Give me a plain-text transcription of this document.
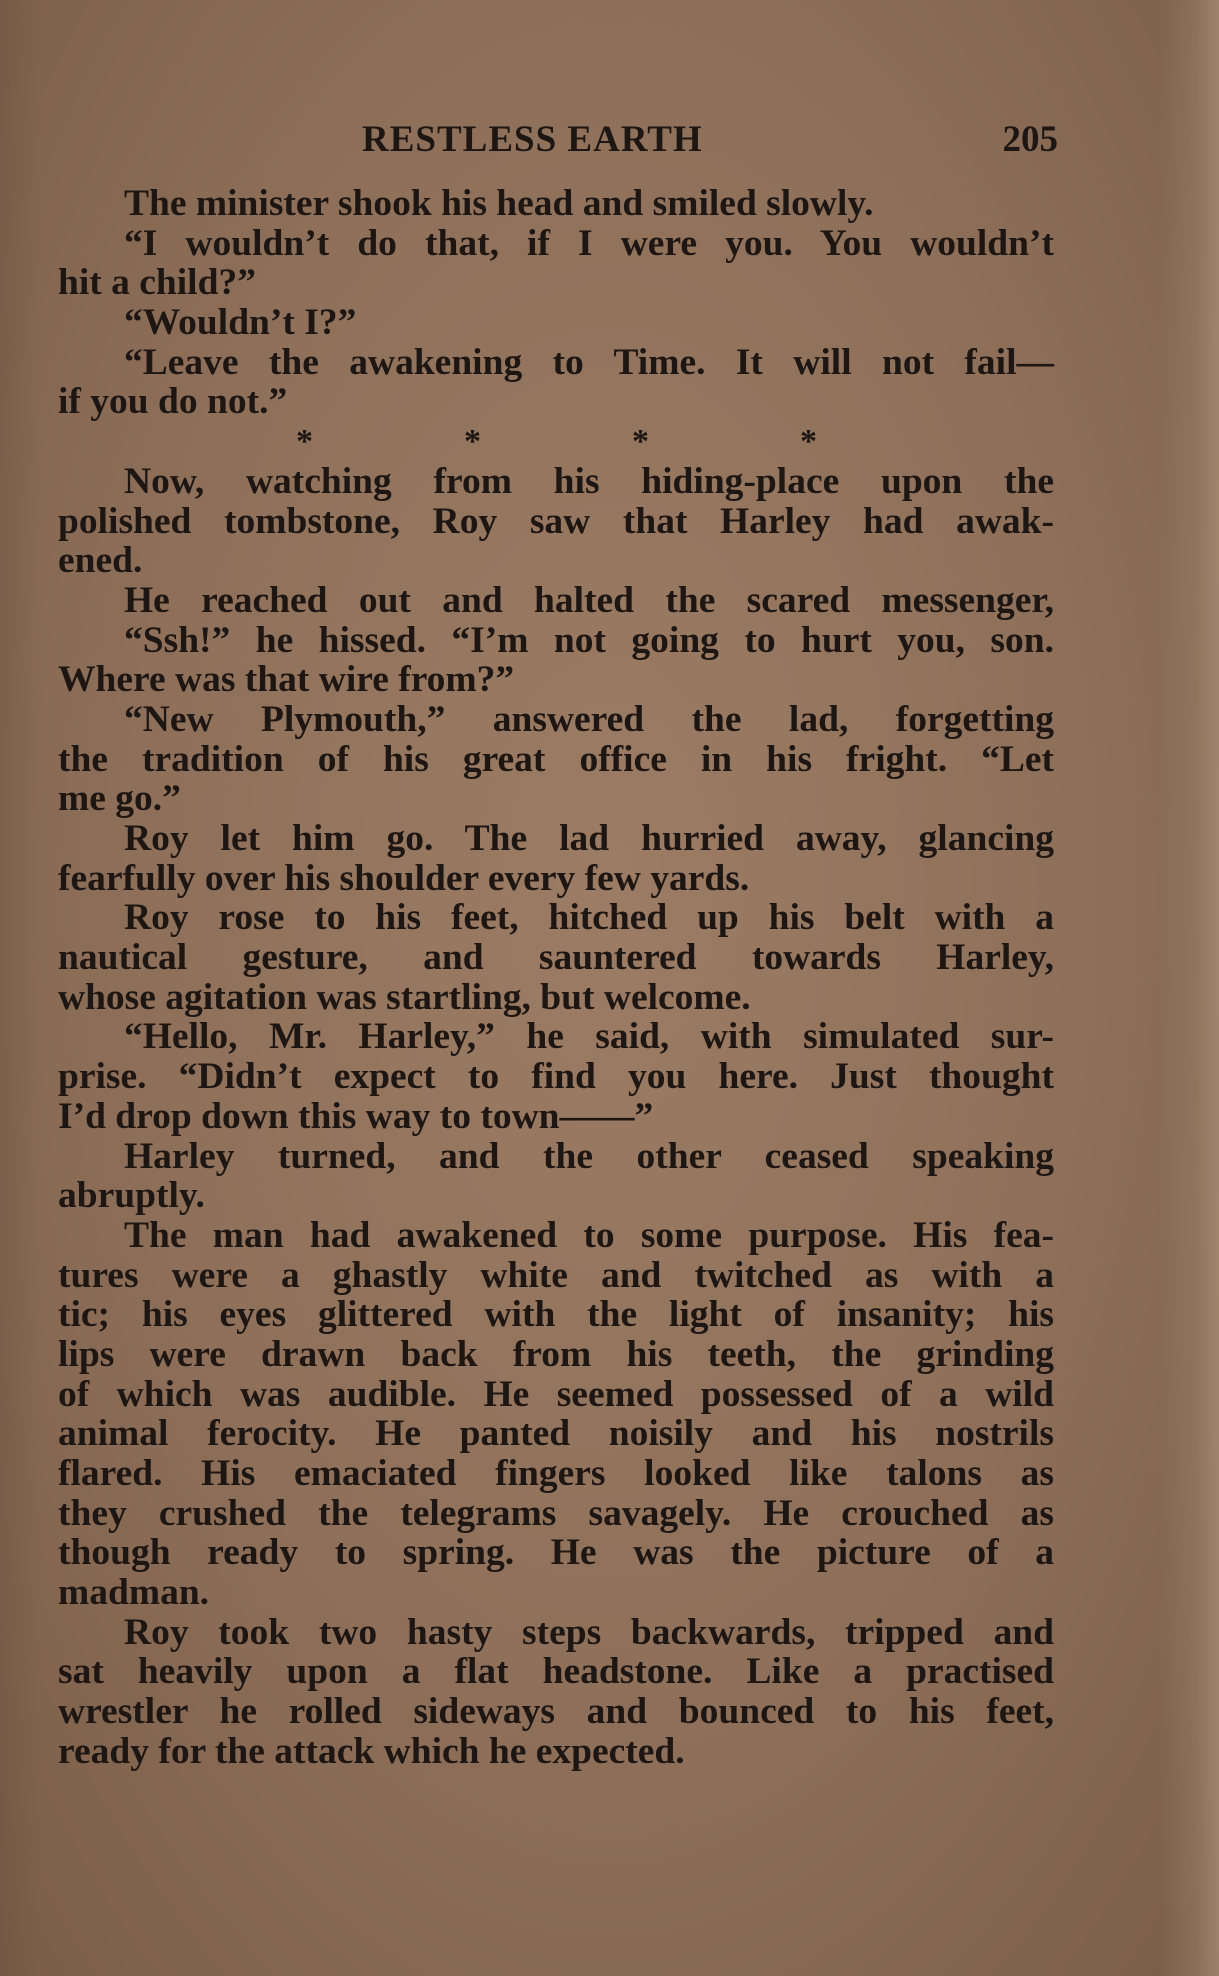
RESTLESS EARTH	205
The minister shook his head and smiled slowly.
“I wouldn’t do that, if I were you. You wouldn’t
hit a child?”
“Wouldn’t I?”
“Leave the awakening to Time. It will not fail—
if you do not.”
*	*	*	*
Now, watching from his hiding-place upon the
polished tombstone, Roy saw that Harley had awak-
ened.
He reached out and halted the scared messenger,
“Ssh!” he hissed. “I’m not going to hurt you, son.
Where was that wire from?”
“New Plymouth,” answered the lad, forgetting
the tradition of his great office in his fright. “Let
me go.”
Roy let him go. The lad hurried away, glancing
fearfully over his shoulder every few yards.
Roy rose to his feet, hitched up his belt with a
nautical gesture, and sauntered towards Harley,
whose agitation was startling, but welcome.
“Hello, Mr. Harley,” he said, with simulated sur-
prise. “Didn’t expect to find you here. Just thought
I’d drop down this way to town——”
Harley turned, and the other ceased speaking
abruptly.
The man had awakened to some purpose. His fea-
tures were a ghastly white and twitched as with a
tic; his eyes glittered with the light of insanity; his
lips were drawn back from his teeth, the grinding
of which was audible. He seemed possessed of a wild
animal ferocity. He panted noisily and his nostrils
flared. His emaciated fingers looked like talons as
they crushed the telegrams savagely. He crouched as
though ready to spring. He was the picture of a
madman.
Roy took two hasty steps backwards, tripped and
sat heavily upon a flat headstone. Like a practised
wrestler he rolled sideways and bounced to his feet,
ready for the attack which he expected.
